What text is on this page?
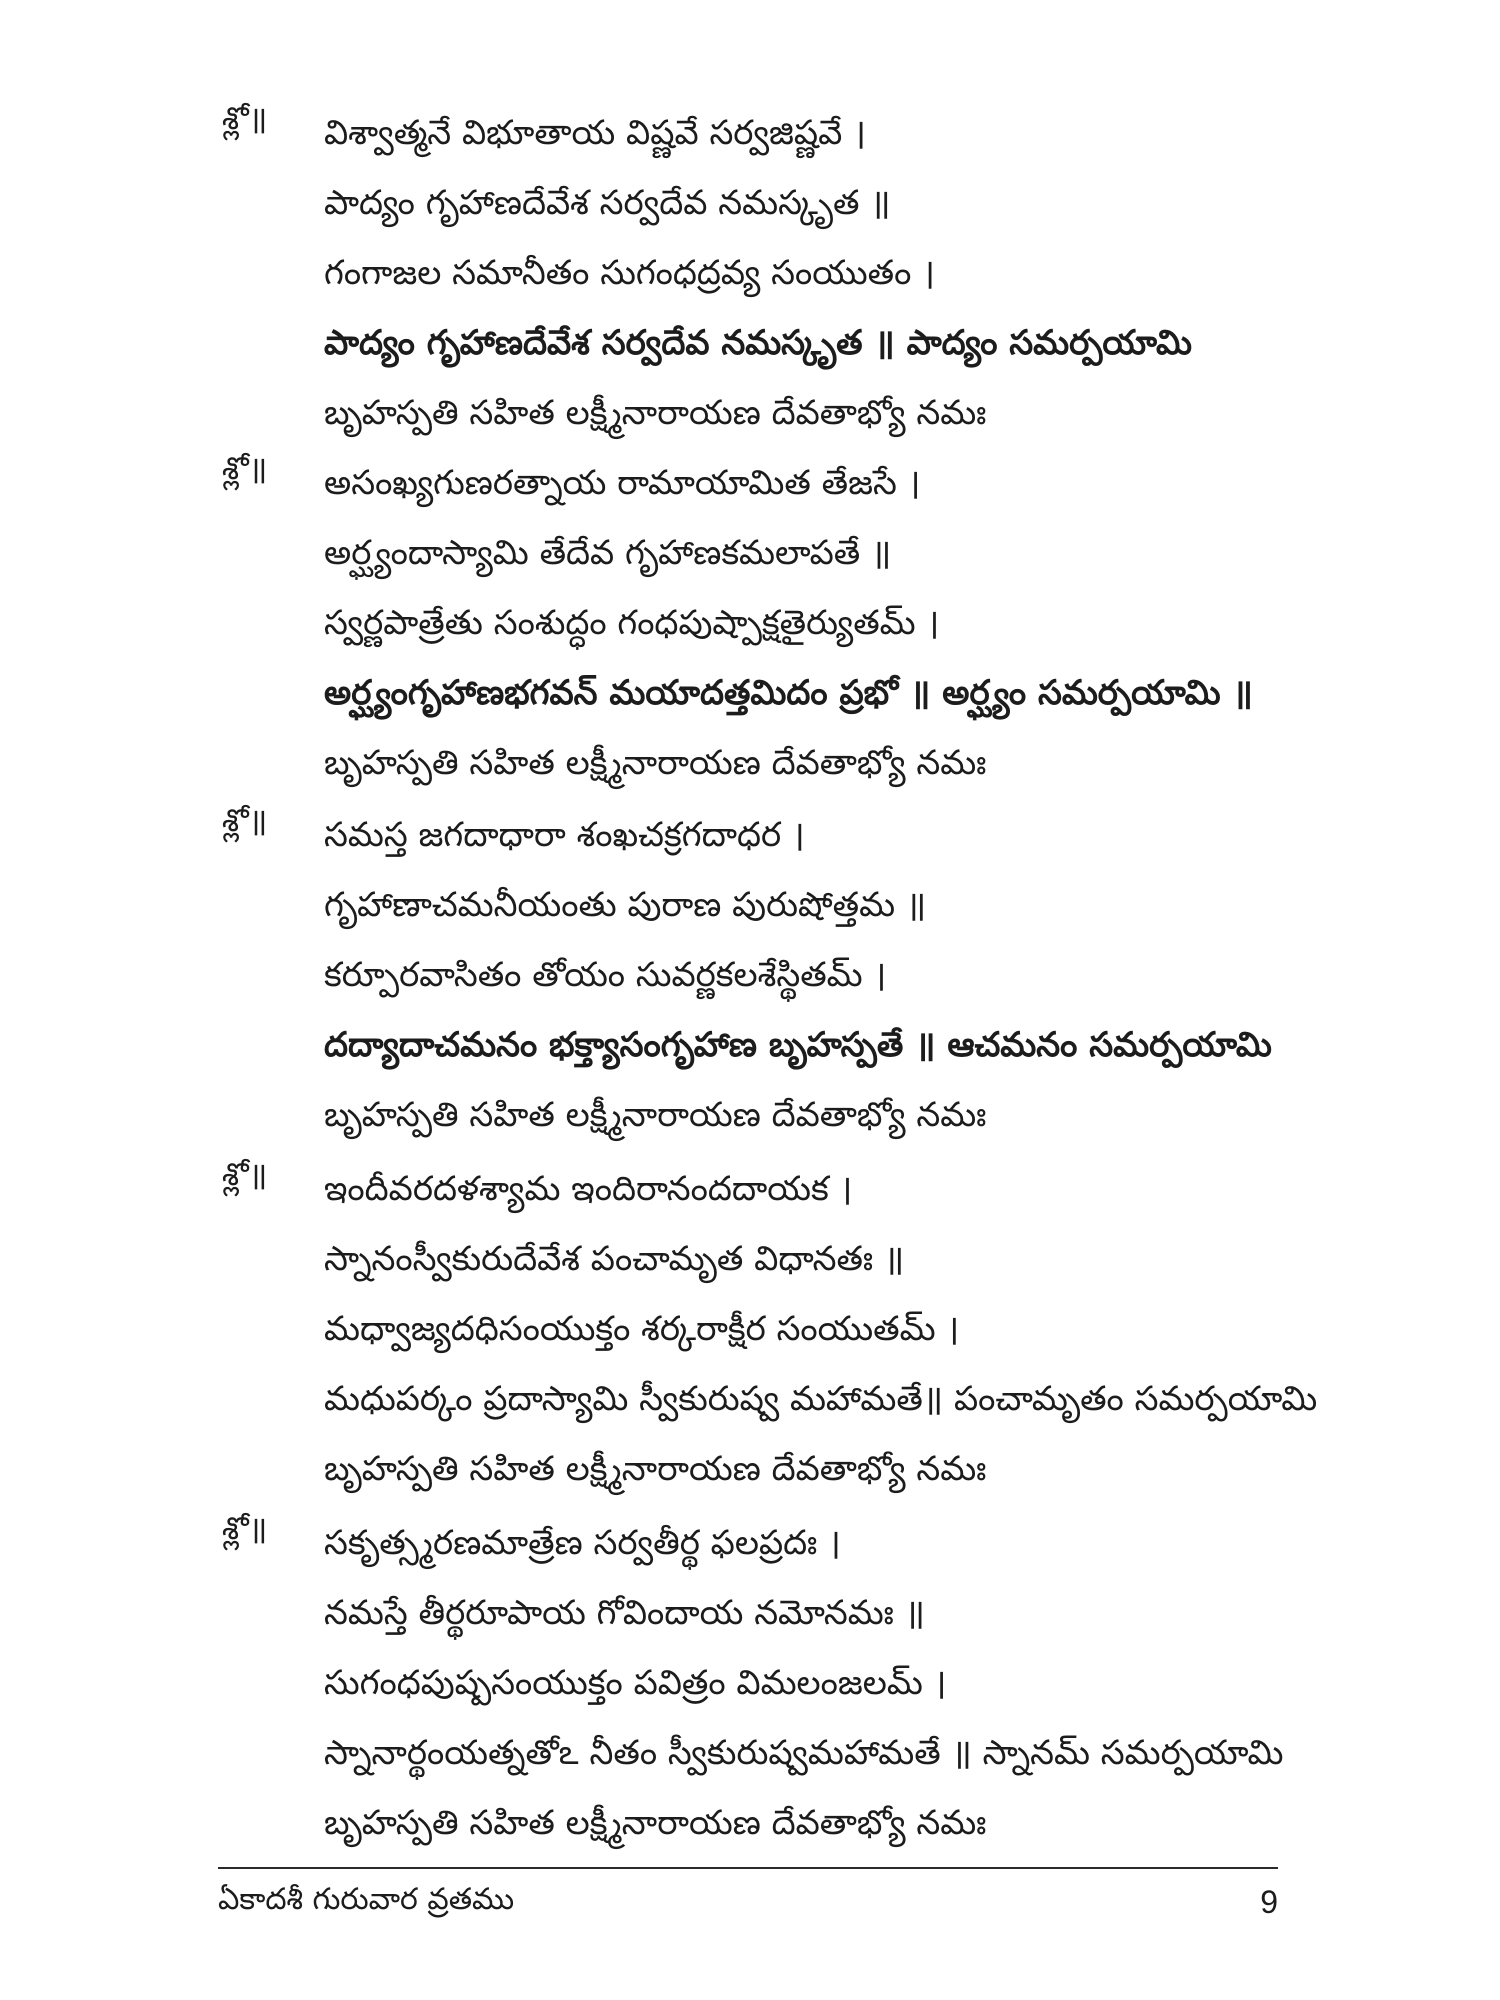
శ్లో॥ విశ్వాత్మనే విభూతాయ విష్ణవే సర్వజిష్ణవే ।
పాద్యం గృహాణదేవేశ సర్వదేవ నమస్కృత ॥
గంగాజల సమానీతం సుగంధద్రవ్య సంయుతం ।
పాద్యం గృహాణదేవేశ సర్వదేవ నమస్కృత ॥ పాద్యం సమర్పయామి
బృహస్పతి సహిత లక్ష్మీనారాయణ దేవతాభ్యో నమః
శ్లో॥ అసంఖ్యగుణరత్నాయ రామాయామిత తేజసే ।
అర్ఘ్యందాస్యామి తేదేవ గృహాణకమలాపతే ॥
స్వర్ణపాత్రేతు సంశుద్ధం గంధపుష్పాక్షతైర్యుతమ్ ।
అర్ఘ్యంగృహాణభగవన్ మయాదత్తమిదం ప్రభో ॥ అర్ఘ్యం సమర్పయామి ॥
బృహస్పతి సహిత లక్ష్మీనారాయణ దేవతాభ్యో నమః
శ్లో॥ సమస్త జగదాధారా శంఖచక్రగదాధర ।
గృహాణాచమనీయంతు పురాణ పురుషోత్తమ ॥
కర్పూరవాసితం తోయం సువర్ణకలశేస్థితమ్ ।
దద్యాదాచమనం భక్త్యాసంగృహాణ బృహస్పతే ॥ ఆచమనం సమర్పయామి
బృహస్పతి సహిత లక్ష్మీనారాయణ దేవతాభ్యో నమః
శ్లో॥ ఇందీవరదళశ్యామ ఇందిరానందదాయక ।
స్నానంస్వీకురుదేవేశ పంచామృత విధానతః ॥
మధ్వాజ్యదధిసంయుక్తం శర్కరాక్షీర సంయుతమ్ ।
మధుపర్కం ప్రదాస్యామి స్వీకురుష్వ మహామతే॥ పంచామృతం సమర్పయామి
బృహస్పతి సహిత లక్ష్మీనారాయణ దేవతాభ్యో నమః
శ్లో॥ సకృత్స్మరణమాత్రేణ సర్వతీర్థ ఫలప్రదః ।
నమస్తే తీర్థరూపాయ గోవిందాయ నమోనమః ॥
సుగంధపుష్పసంయుక్తం పవిత్రం విమలంజలమ్ ।
స్నానార్థంయత్నతోఽ నీతం స్వీకురుష్వమహామతే ॥ స్నానమ్ సమర్పయామి
బృహస్పతి సహిత లక్ష్మీనారాయణ దేవతాభ్యో నమః
ఏకాదశీ గురువార వ్రతము	9
